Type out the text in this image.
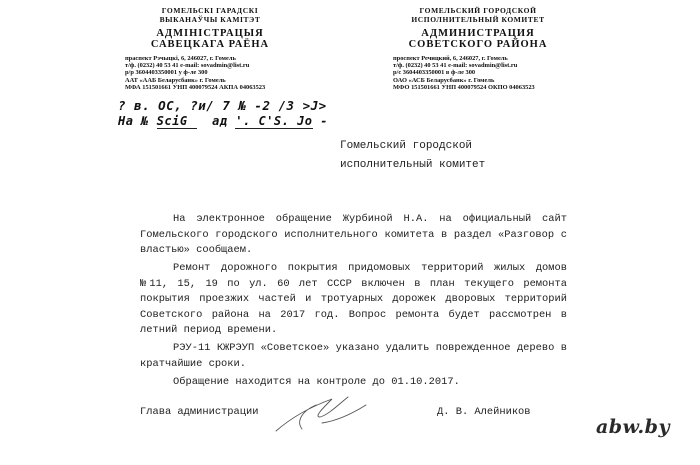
ГОМЕЛЬСКІ ГАРАДСКІ
ВЫКАНАЎЧЫ КАМІТЭТ
АДМІНІСТРАЦЫЯ
САВЕЦКАГА РАЁНА
праспект Рэчыцкі, 6, 246027, г. Гомель
т/ф. (0232) 40 53 41 e-mail: sovadmin@list.ru
р/р 3604403350001 у ф-ле 300
ААТ «ААБ Беларусбанк» г. Гомель
МФА 151501661 УНП 400079524 АКПА 04063523
ГОМЕЛЬСКИЙ ГОРОДСКОЙ
ИСПОЛНИТЕЛЬНЫЙ КОМИТЕТ
АДМИНИСТРАЦИЯ
СОВЕТСКОГО РАЙОНА
проспект Речицкий, 6, 246027, г. Гомель
т/ф. (0232) 40 53 41 e-mail: sovadmin@list.ru
р/с 3604403350001 в ф-ле 300
ОАО «АСБ Беларусбанк» г. Гомель
МФО 151501661 УНП 400079524 ОКПО 04063523
? в. ОС, ?и/ 7 № -2 /3 >J>
На № SciG ад '. С'S. Jo -
Гомельский городской
исполнительный комитет

На электронное обращение Журбиной Н.А. на официальный сайт Гомельского городского исполнительного комитета в раздел «Разговор с властью» сообщаем.

Ремонт дорожного покрытия придомовых территорий жилых домов №11, 15, 19 по ул. 60 лет СССР включен в план текущего ремонта покрытия проезжих частей и тротуарных дорожек дворовых территорий Советского района на 2017 год. Вопрос ремонта будет рассмотрен в летний период времени.

РЭУ-11 КЖРЭУП «Советское» указано удалить поврежденное дерево в кратчайшие сроки.

Обращение находится на контроле до 01.10.2017.

Глава администрации	Д. В. Алейников
abw.by
